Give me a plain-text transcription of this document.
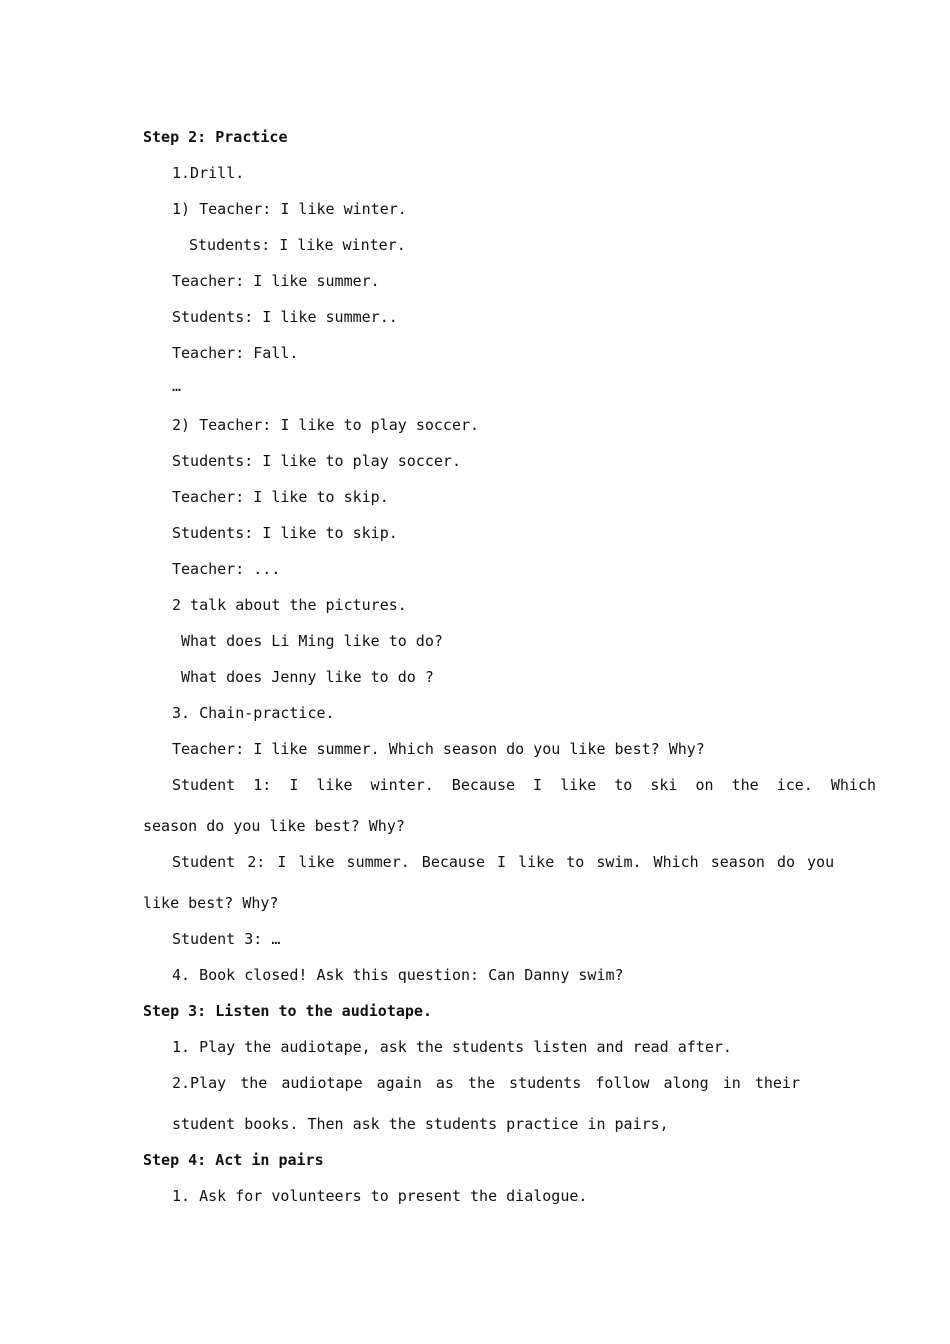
Step 2: Practice
1.Drill.
1) Teacher: I like winter.
Students: I like winter.
Teacher: I like summer.
Students: I like summer..
Teacher: Fall.
…
2) Teacher: I like to play soccer.
Students: I like to play soccer.
Teacher: I like to skip.
Students: I like to skip.
Teacher: ...
2 talk about the pictures.
What does Li Ming like to do?
What does Jenny like to do ?
3. Chain-practice.
Teacher: I like summer. Which season do you like best? Why?
Student 1: I like winter. Because I like to ski on the ice. Which
season do you like best? Why?
Student 2: I like summer. Because I like to swim. Which season do you
like best? Why?
Student 3: …
4. Book closed! Ask this question: Can Danny swim?
Step 3: Listen to the audiotape.
1. Play the audiotape, ask the students listen and read after.
2.Play the audiotape again as the students follow along in their
student books. Then ask the students practice in pairs,
Step 4: Act in pairs
1. Ask for volunteers to present the dialogue.
